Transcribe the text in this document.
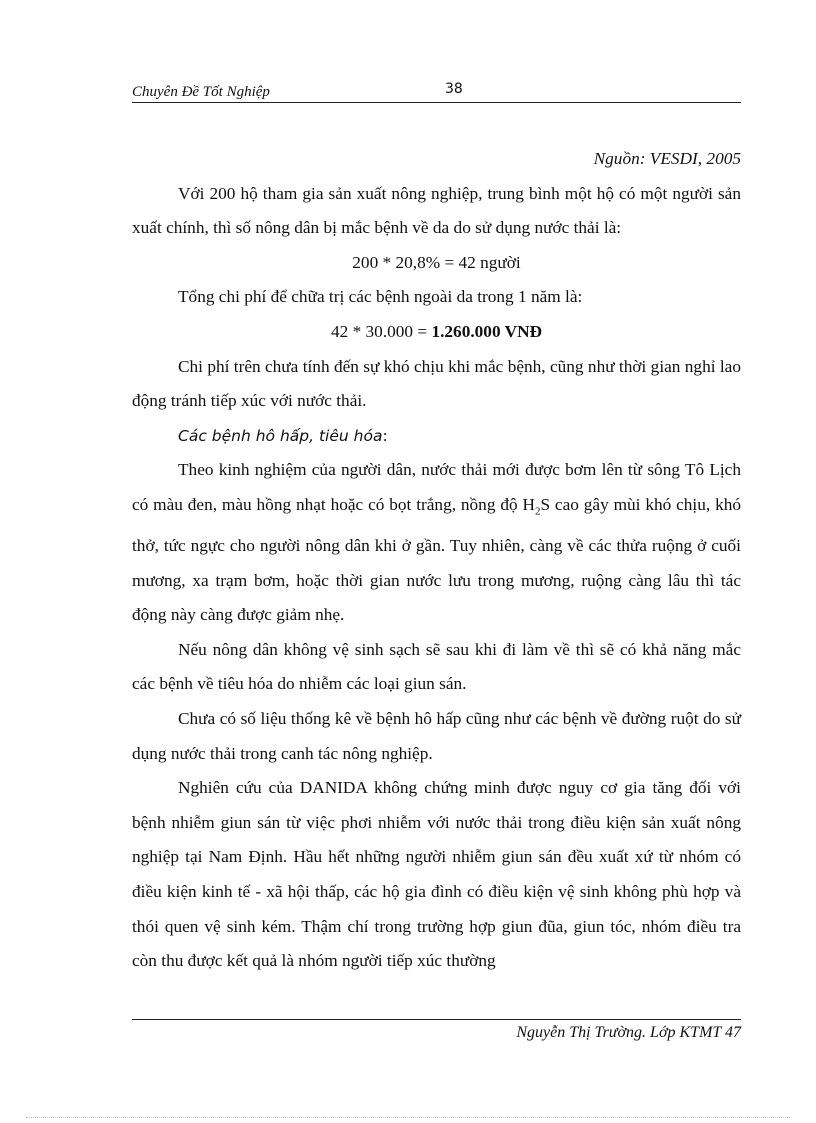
Chuyên Đề Tốt Nghiệp	38

Nguồn: VESDI, 2005

Với 200 hộ tham gia sản xuất nông nghiệp, trung bình một hộ có một người sản xuất chính, thì số nông dân bị mắc bệnh về da do sử dụng nước thải là:

200 * 20,8% = 42 người

Tổng chi phí để chữa trị các bệnh ngoài da trong 1 năm là:

42 * 30.000 = 1.260.000 VNĐ

Chi phí trên chưa tính đến sự khó chịu khi mắc bệnh, cũng như thời gian nghỉ lao động tránh tiếp xúc với nước thải.

Các bệnh hô hấp, tiêu hóa:

Theo kinh nghiệm của người dân, nước thải mới được bơm lên từ sông Tô Lịch có màu đen, màu hồng nhạt hoặc có bọt trắng, nồng độ $H_2S$ cao gây mùi khó chịu, khó thở, tức ngực cho người nông dân khi ở gần. Tuy nhiên, càng về các thửa ruộng ở cuối mương, xa trạm bơm, hoặc thời gian nước lưu trong mương, ruộng càng lâu thì tác động này càng được giảm nhẹ.

Nếu nông dân không vệ sinh sạch sẽ sau khi đi làm về thì sẽ có khả năng mắc các bệnh về tiêu hóa do nhiễm các loại giun sán.

Chưa có số liệu thống kê về bệnh hô hấp cũng như các bệnh về đường ruột do sử dụng nước thải trong canh tác nông nghiệp.

Nghiên cứu của DANIDA không chứng minh được nguy cơ gia tăng đối với bệnh nhiễm giun sán từ việc phơi nhiễm với nước thải trong điều kiện sản xuất nông nghiệp tại Nam Định. Hầu hết những người nhiễm giun sán đều xuất xứ từ nhóm có điều kiện kinh tế - xã hội thấp, các hộ gia đình có điều kiện vệ sinh không phù hợp và thói quen vệ sinh kém. Thậm chí trong trường hợp giun đũa, giun tóc, nhóm điều tra còn thu được kết quả là nhóm người tiếp xúc thường

Nguyễn Thị Trường. Lớp KTMT 47
